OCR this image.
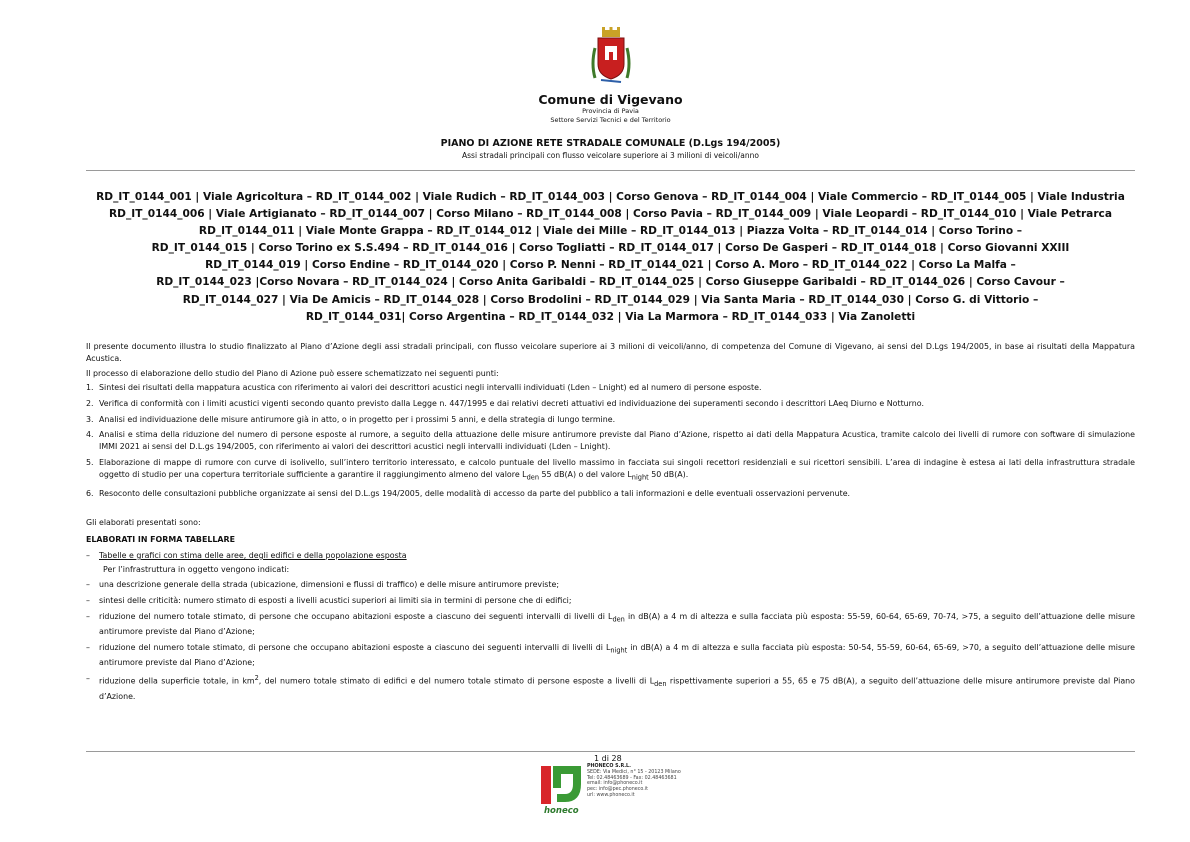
Comune di Vigevano
Provincia di Pavia
Settore Servizi Tecnici e del Territorio
PIANO DI AZIONE RETE STRADALE COMUNALE (D.Lgs 194/2005)
Assi stradali principali con flusso veicolare superiore ai 3 milioni di veicoli/anno
RD_IT_0144_001 | Viale Agricoltura – RD_IT_0144_002 | Viale Rudich – RD_IT_0144_003 | Corso Genova – RD_IT_0144_004 | Viale Commercio – RD_IT_0144_005 | Viale Industria
RD_IT_0144_006 | Viale Artigianato – RD_IT_0144_007 | Corso Milano – RD_IT_0144_008 | Corso Pavia – RD_IT_0144_009 | Viale Leopardi – RD_IT_0144_010 | Viale Petrarca
RD_IT_0144_011 | Viale Monte Grappa – RD_IT_0144_012 | Viale dei Mille – RD_IT_0144_013 | Piazza Volta – RD_IT_0144_014 | Corso Torino –
RD_IT_0144_015 | Corso Torino ex S.S.494 – RD_IT_0144_016 | Corso Togliatti – RD_IT_0144_017 | Corso De Gasperi – RD_IT_0144_018 | Corso Giovanni XXIII
RD_IT_0144_019 | Corso Endine – RD_IT_0144_020 | Corso P. Nenni – RD_IT_0144_021 | Corso A. Moro – RD_IT_0144_022 | Corso La Malfa –
RD_IT_0144_023 |Corso Novara – RD_IT_0144_024 | Corso Anita Garibaldi – RD_IT_0144_025 | Corso Giuseppe Garibaldi – RD_IT_0144_026 | Corso Cavour –
RD_IT_0144_027 | Via De Amicis – RD_IT_0144_028 | Corso Brodolini – RD_IT_0144_029 | Via Santa Maria – RD_IT_0144_030 | Corso G. di Vittorio –
RD_IT_0144_031| Corso Argentina – RD_IT_0144_032 | Via La Marmora – RD_IT_0144_033 | Via Zanoletti
Il presente documento illustra lo studio finalizzato al Piano d’Azione degli assi stradali principali, con flusso veicolare superiore ai 3 milioni di veicoli/anno, di competenza del Comune di Vigevano, ai sensi del D.Lgs 194/2005, in base ai risultati della Mappatura Acustica.
Il processo di elaborazione dello studio del Piano di Azione può essere schematizzato nei seguenti punti:
1. Sintesi dei risultati della mappatura acustica con riferimento ai valori dei descrittori acustici negli intervalli individuati (Lden – Lnight) ed al numero di persone esposte.
2. Verifica di conformità con i limiti acustici vigenti secondo quanto previsto dalla Legge n. 447/1995 e dai relativi decreti attuativi ed individuazione dei superamenti secondo i descrittori LAeq Diurno e Notturno.
3. Analisi ed individuazione delle misure antirumore già in atto, o in progetto per i prossimi 5 anni, e della strategia di lungo termine.
4. Analisi e stima della riduzione del numero di persone esposte al rumore, a seguito della attuazione delle misure antirumore previste dal Piano d’Azione, rispetto ai dati della Mappatura Acustica, tramite calcolo dei livelli di rumore con software di simulazione IMMI 2021 ai sensi del D.L.gs 194/2005, con riferimento ai valori dei descrittori acustici negli intervalli individuati (Lden – Lnight).
5. Elaborazione di mappe di rumore con curve di isolivello, sull’intero territorio interessato, e calcolo puntuale del livello massimo in facciata sui singoli recettori residenziali e sui ricettori sensibili. L’area di indagine è estesa ai lati della infrastruttura stradale oggetto di studio per una copertura territoriale sufficiente a garantire il raggiungimento almeno del valore $L_{den}$ 55 dB(A) o del valore $L_{night}$ 50 dB(A).
6. Resoconto delle consultazioni pubbliche organizzate ai sensi del D.L.gs 194/2005, delle modalità di accesso da parte del pubblico a tali informazioni e delle eventuali osservazioni pervenute.
Gli elaborati presentati sono:
ELABORATI IN FORMA TABELLARE
– Tabelle e grafici con stima delle aree, degli edifici e della popolazione esposta
Per l’infrastruttura in oggetto vengono indicati:
– una descrizione generale della strada (ubicazione, dimensioni e flussi di traffico) e delle misure antirumore previste;
– sintesi delle criticità: numero stimato di esposti a livelli acustici superiori ai limiti sia in termini di persone che di edifici;
– riduzione del numero totale stimato, di persone che occupano abitazioni esposte a ciascuno dei seguenti intervalli di livelli di $L_{den}$ in dB(A) a 4 m di altezza e sulla facciata più esposta: 55-59, 60-64, 65-69, 70-74, >75, a seguito dell’attuazione delle misure antirumore previste dal Piano d’Azione;
– riduzione del numero totale stimato, di persone che occupano abitazioni esposte a ciascuno dei seguenti intervalli di livelli di $L_{night}$ in dB(A) a 4 m di altezza e sulla facciata più esposta: 50-54, 55-59, 60-64, 65-69, >70, a seguito dell’attuazione delle misure antirumore previste dal Piano d’Azione;
– riduzione della superficie totale, in $km^2$, del numero totale stimato di edifici e del numero totale stimato di persone esposte a livelli di $L_{den}$ rispettivamente superiori a 55, 65 e 75 dB(A), a seguito dell’attuazione delle misure antirumore previste dal Piano d’Azione.
1 di 28
honeco
PHONECO S.R.L.
SEDE: Via Medici, n° 15 - 20123 Milano
Tel: 02.48463689 - Fax: 02.48463681
email: info@phoneco.it
pec: info@pec.phoneco.it
url: www.phoneco.it
